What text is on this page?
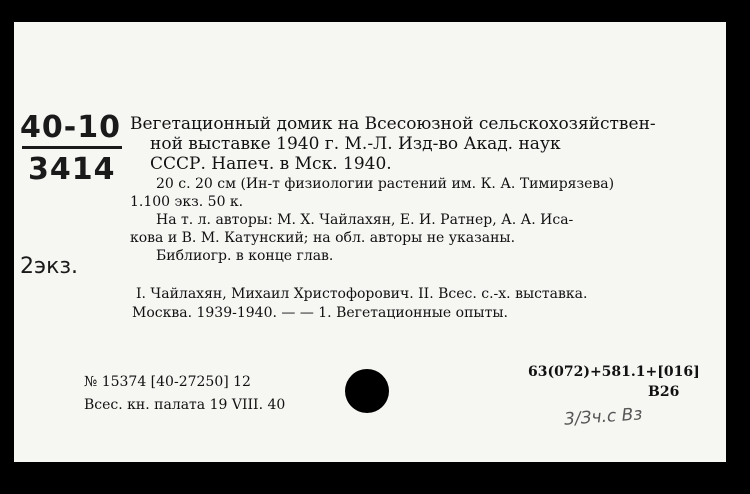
40-10
3414
2экз.
Вегетационный домик на Всесоюзной сельскохозяйствен-
ной выставке 1940 г. М.-Л. Изд-во Акад. наук
СССР. Напеч. в Мск. 1940.
20 с. 20 см (Ин-т физиологии растений им. К. А. Тимирязева)
1.100 экз. 50 к.
На т. л. авторы: М. Х. Чайлахян, Е. И. Ратнер, А. А. Иса-
кова и В. М. Катунский; на обл. авторы не указаны.
Библиогр. в конце глав.
I. Чайлахян, Михаил Христофорович. II. Всес. с.-х. выставка.
Москва. 1939-1940. — — 1. Вегетационные опыты.
№ 15374 [40-27250] 12
Всес. кн. палата 19 VIII. 40
63(072)+581.1+[016]
В26
3/Зч.с Вз
